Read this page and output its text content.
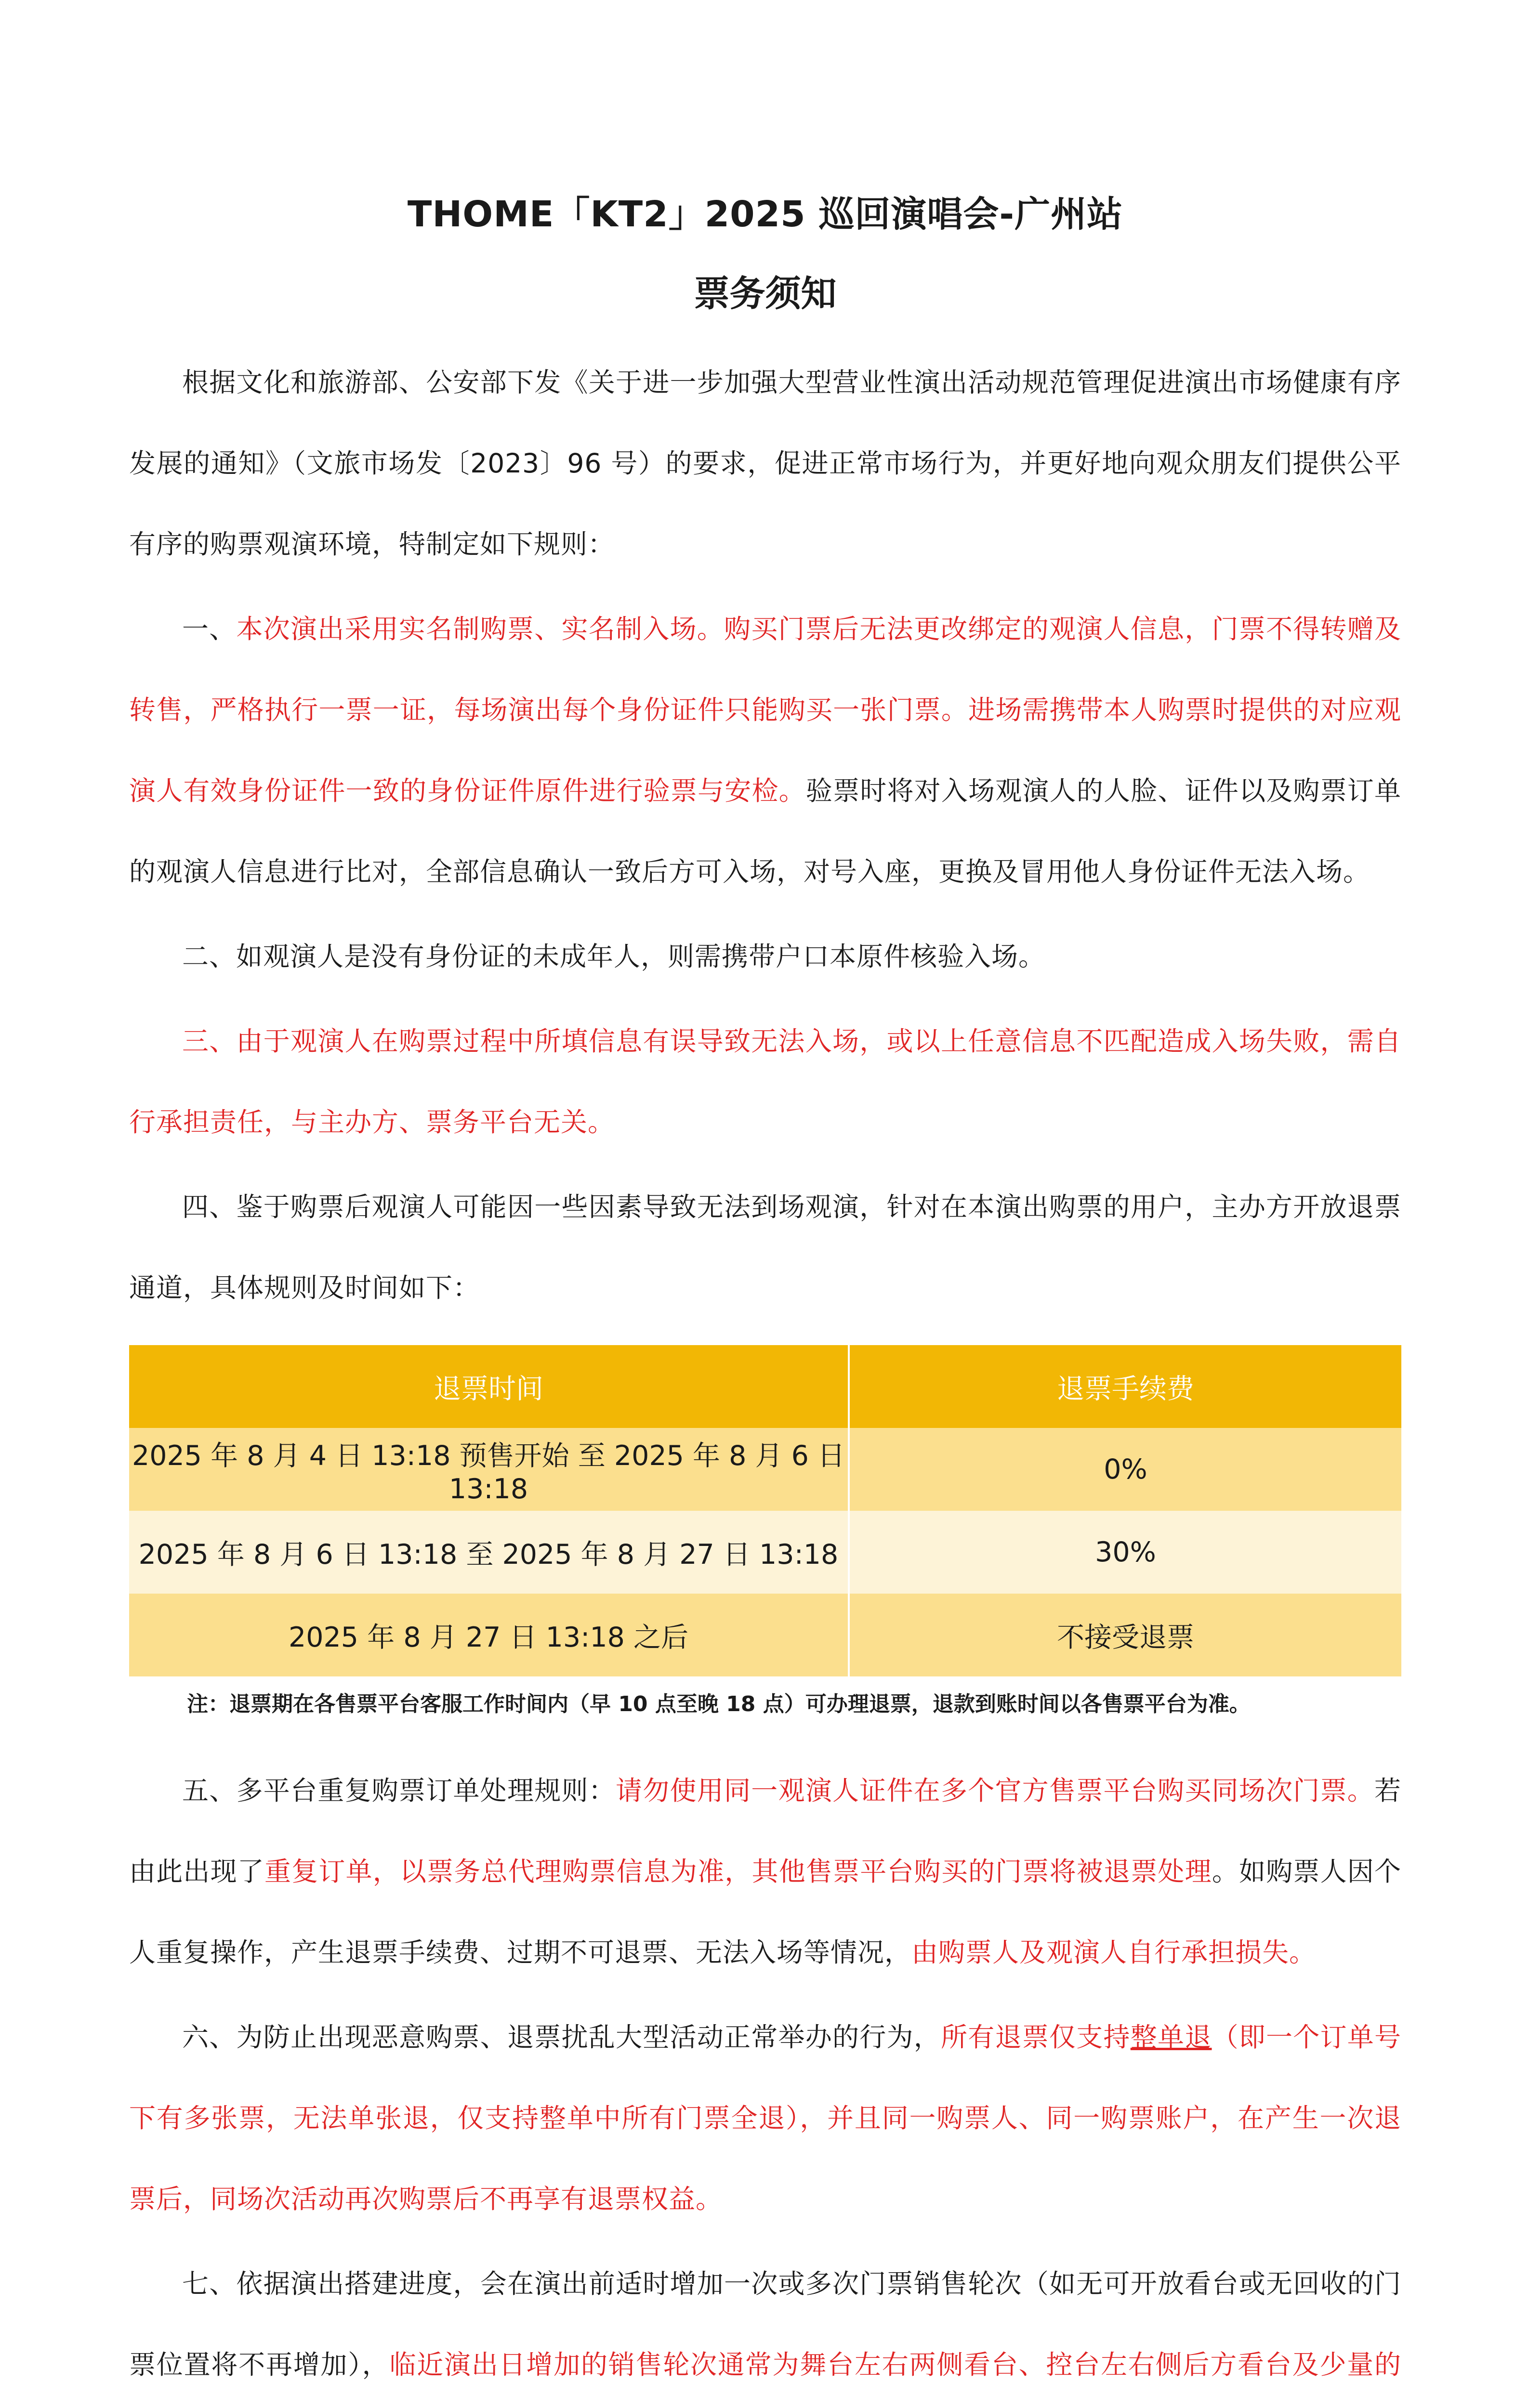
THOME「KT2」2025 巡回演唱会-广州站
票务须知

根据文化和旅游部、公安部下发《关于进一步加强大型营业性演出活动规范管理促进演出市场健康有序发展的通知》（文旅市场发〔2023〕96 号）的要求，促进正常市场行为，并更好地向观众朋友们提供公平有序的购票观演环境，特制定如下规则：

一、本次演出采用实名制购票、实名制入场。购买门票后无法更改绑定的观演人信息，门票不得转赠及转售，严格执行一票一证，每场演出每个身份证件只能购买一张门票。进场需携带本人购票时提供的对应观演人有效身份证件一致的身份证件原件进行验票与安检。验票时将对入场观演人的人脸、证件以及购票订单的观演人信息进行比对，全部信息确认一致后方可入场，对号入座，更换及冒用他人身份证件无法入场。

二、如观演人是没有身份证的未成年人，则需携带户口本原件核验入场。

三、由于观演人在购票过程中所填信息有误导致无法入场，或以上任意信息不匹配造成入场失败，需自行承担责任，与主办方、票务平台无关。

四、鉴于购票后观演人可能因一些因素导致无法到场观演，针对在本演出购票的用户，主办方开放退票通道，具体规则及时间如下：

退票时间	退票手续费
2025 年 8 月 4 日 13:18 预售开始 至 2025 年 8 月 6 日 13:18	0%
2025 年 8 月 6 日 13:18 至 2025 年 8 月 27 日 13:18	30%
2025 年 8 月 27 日 13:18 之后	不接受退票

注：退票期在各售票平台客服工作时间内（早 10 点至晚 18 点）可办理退票，退款到账时间以各售票平台为准。

五、多平台重复购票订单处理规则：请勿使用同一观演人证件在多个官方售票平台购买同场次门票。若由此出现了重复订单，以票务总代理购票信息为准，其他售票平台购买的门票将被退票处理。如购票人因个人重复操作，产生退票手续费、过期不可退票、无法入场等情况，由购票人及观演人自行承担损失。

六、为防止出现恶意购票、退票扰乱大型活动正常举办的行为，所有退票仅支持整单退（即一个订单号下有多张票，无法单张退，仅支持整单中所有门票全退），并且同一购票人、同一购票账户，在产生一次退票后，同场次活动再次购票后不再享有退票权益。

七、依据演出搭建进度，会在演出前适时增加一次或多次门票销售轮次（如无可开放看台或无回收的门票位置将不再增加），临近演出日增加的销售轮次通常为舞台左右两侧看台、控台左右侧后方看台及少量的
